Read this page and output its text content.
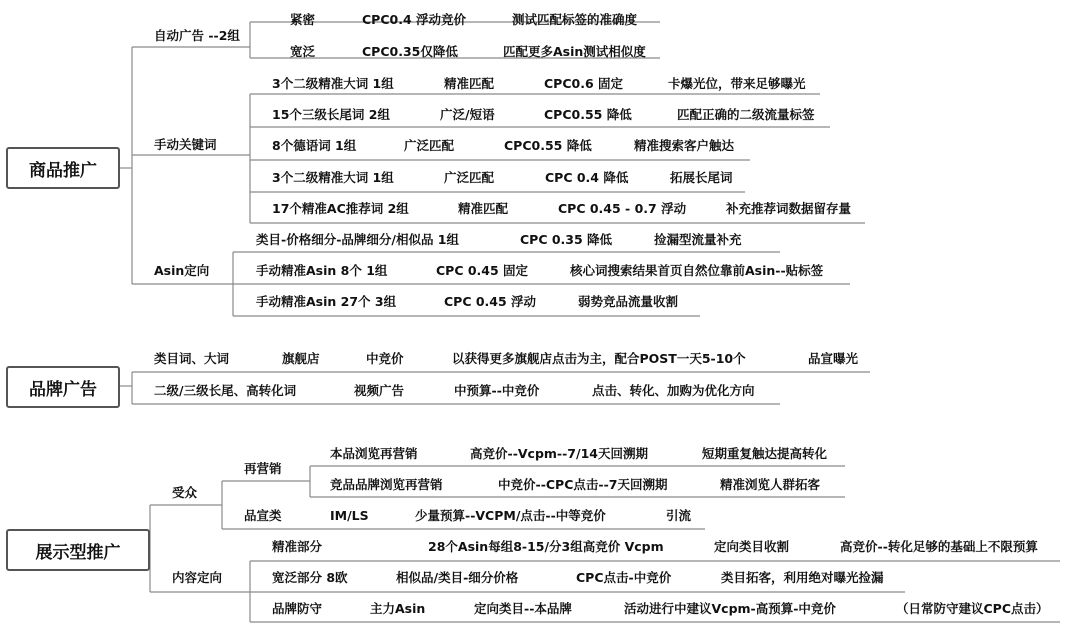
商品推广
品牌广告
展示型推广
自动广告 --2组
紧密	CPC0.4 浮动竞价	测试匹配标签的准确度
宽泛	CPC0.35仅降低	匹配更多Asin测试相似度
手动关键词
3个二级精准大词 1组	精准匹配	CPC0.6 固定	卡爆光位，带来足够曝光
15个三级长尾词 2组	广泛/短语	CPC0.55 降低	匹配正确的二级流量标签
8个德语词 1组	广泛匹配	CPC0.55 降低	精准搜索客户触达
3个二级精准大词 1组	广泛匹配	CPC 0.4 降低	拓展长尾词
17个精准AC推荐词 2组	精准匹配	CPC 0.45 - 0.7 浮动	补充推荐词数据留存量
Asin定向
类目-价格细分-品牌细分/相似品 1组	CPC 0.35 降低	捡漏型流量补充
手动精准Asin 8个 1组	CPC 0.45 固定	核心词搜索结果首页自然位靠前Asin--贴标签
手动精准Asin 27个 3组	CPC 0.45 浮动	弱势竞品流量收割
类目词、大词	旗舰店	中竞价	以获得更多旗舰店点击为主，配合POST一天5-10个	品宣曝光
二级/三级长尾、高转化词	视频广告	中预算--中竞价	点击、转化、加购为优化方向
受众
再营销
本品浏览再营销	高竞价--Vcpm--7/14天回溯期	短期重复触达提高转化
竞品品牌浏览再营销	中竞价--CPC点击--7天回溯期	精准浏览人群拓客
品宣类	IM/LS	少量预算--VCPM/点击--中等竞价	引流
内容定向
精准部分	28个Asin每组8-15/分3组高竞价 Vcpm	定向类目收割	高竞价--转化足够的基础上不限预算
宽泛部分 8欧	相似品/类目-细分价格	CPC点击-中竞价	类目拓客，利用绝对曝光捡漏
品牌防守	主力Asin	定向类目--本品牌	活动进行中建议Vcpm-高预算-中竞价	（日常防守建议CPC点击）
